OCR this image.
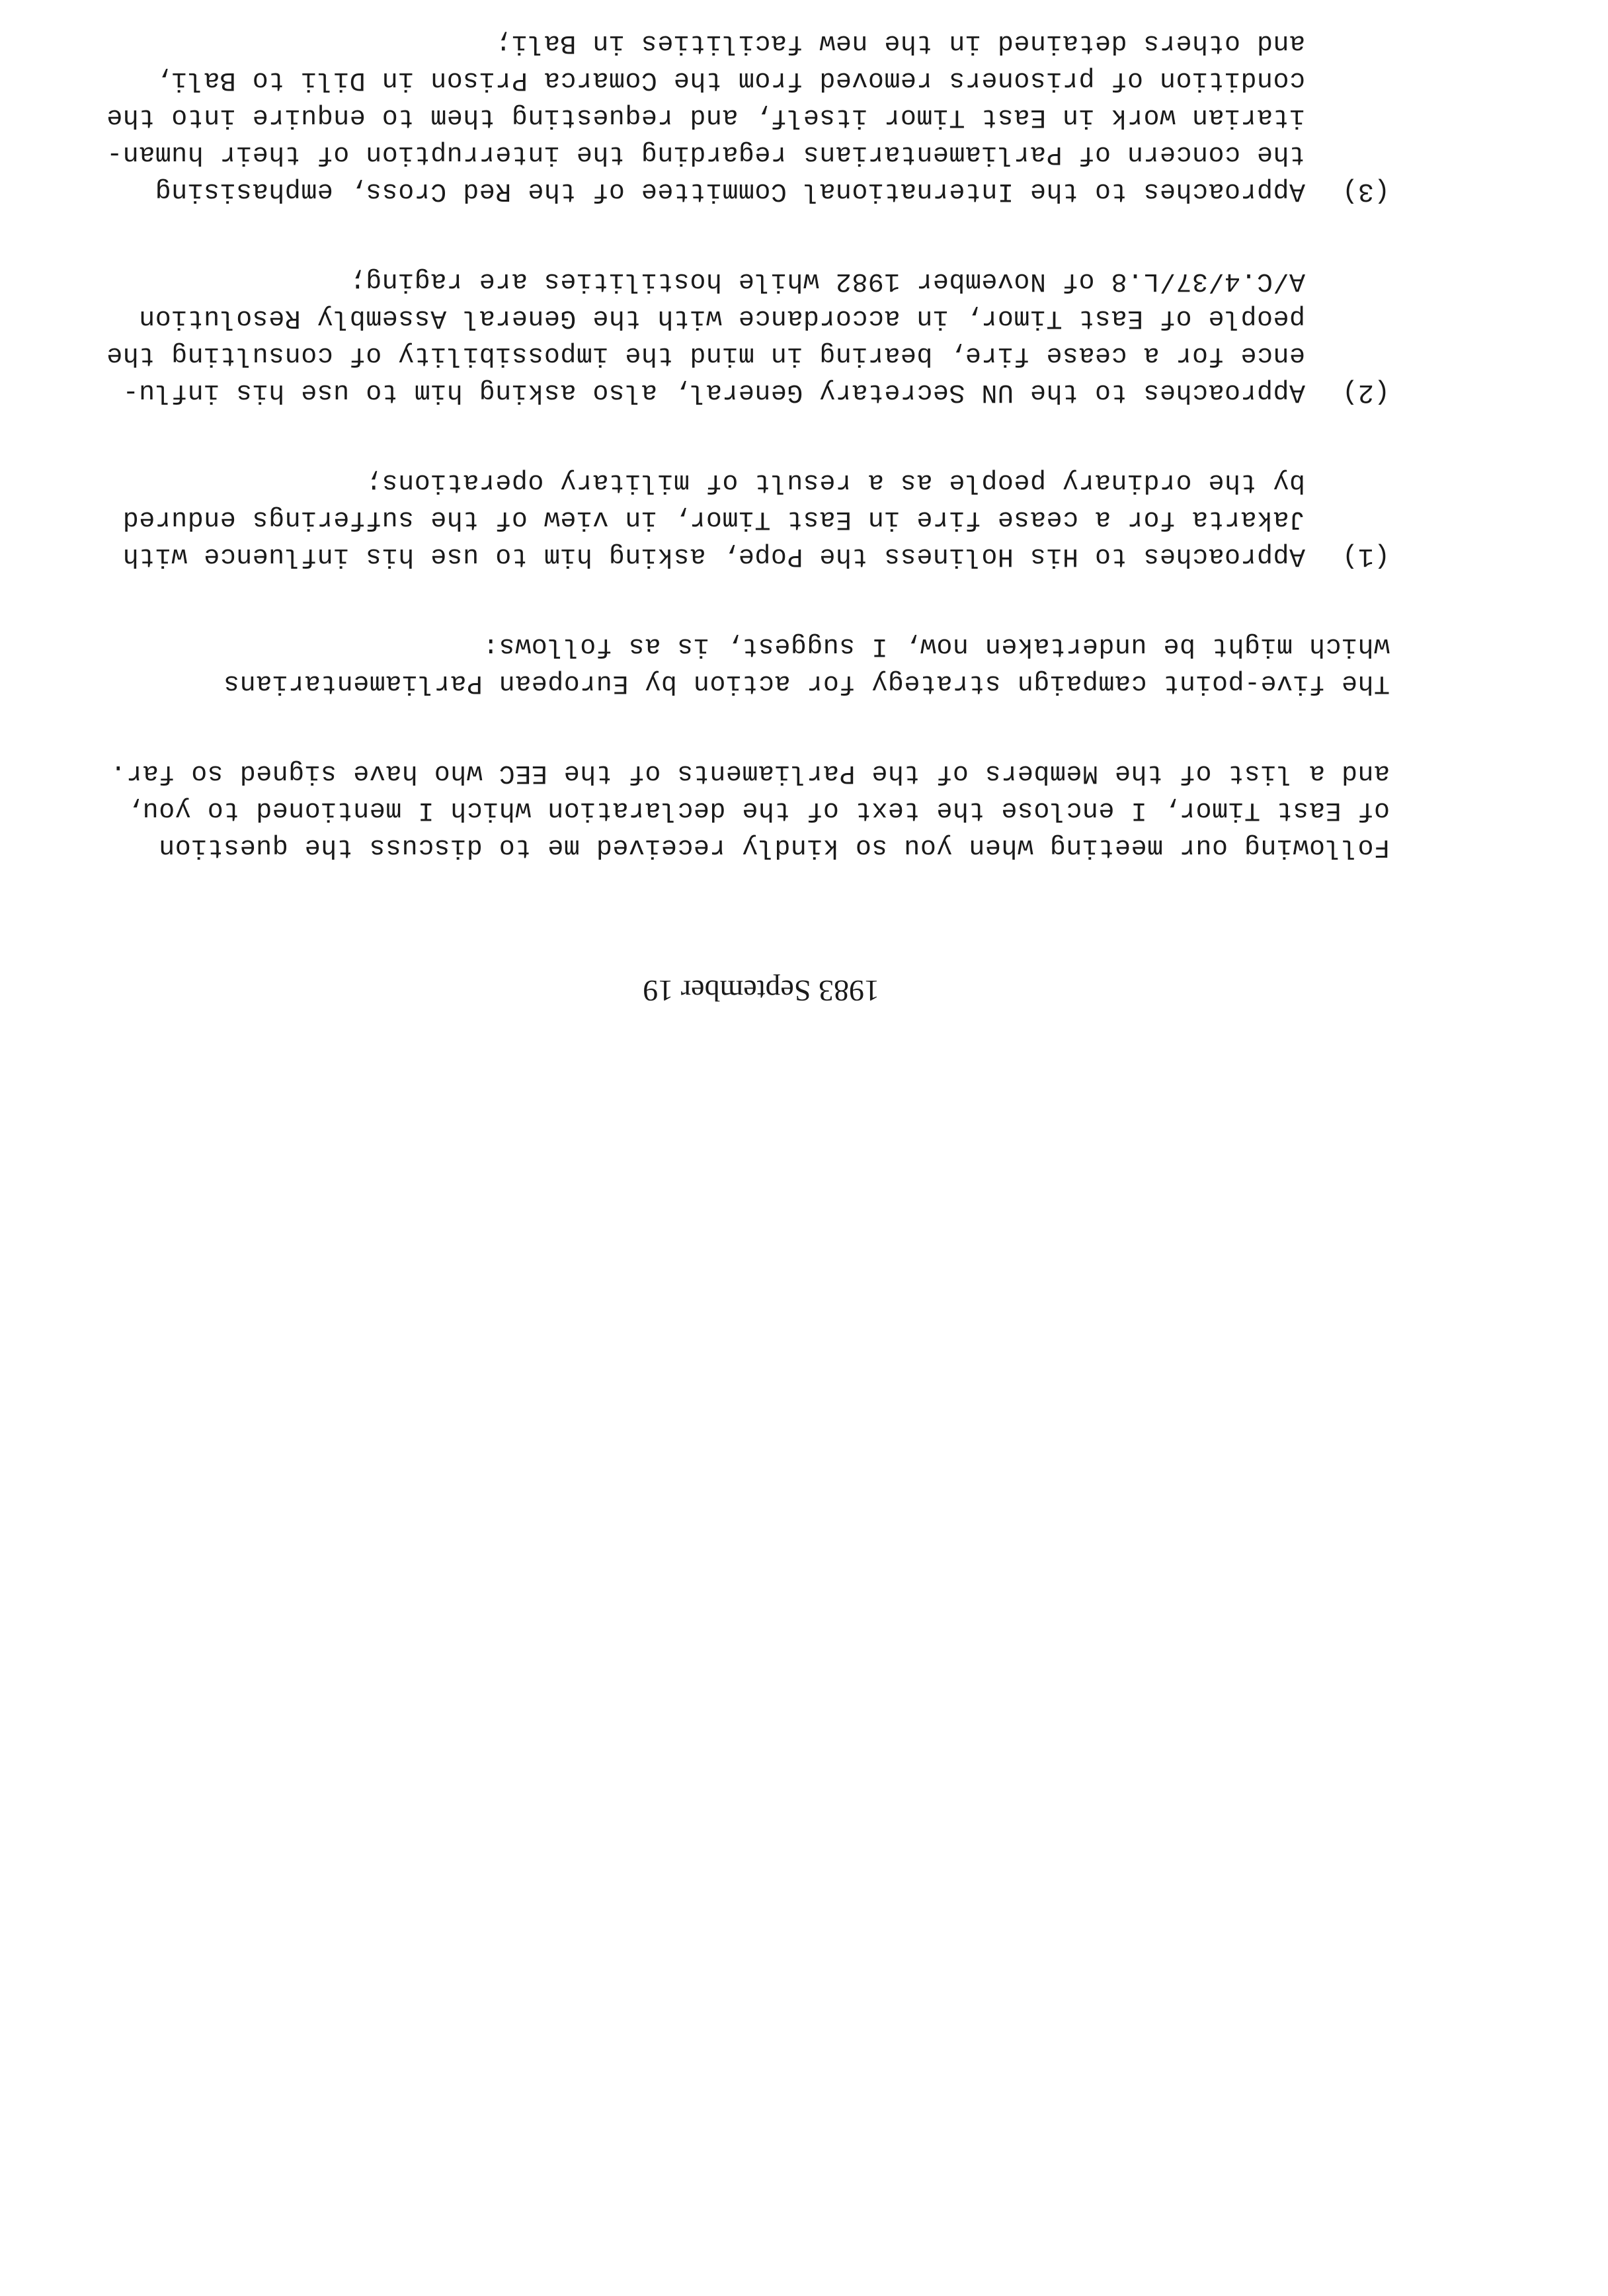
1983 September 19
Following our meeting when you so kindly received me to discuss the question
of East Timor, I enclose the text of the declaration which I mentioned to you,
and a list of the Members of the Parliaments of the EEC who have signed so far.
The five-point campaign strategy for action by European Parliamentarians
which might be undertaken now, I suggest, is as follows:
(1)
Approaches to His Holiness the Pope, asking him to use his influence with
Jakarta for a cease fire in East Timor, in view of the sufferings endured
by the ordinary people as a result of military operations;
(2)
Approaches to the UN Secretary General, also asking him to use his influ-
ence for a cease fire, bearing in mind the impossibility of consulting the
people of East Timor, in accordance with the General Assembly Resolution
A/C.4/37/L.8 of November 1982 while hostilities are raging;
(3)
Approaches to the International Committee of the Red Cross, emphasising
the concern of Parliamentarians regarding the interruption of their human-
itarian work in East Timor itself, and requesting them to enquire into the
condition of prisoners removed from the Comarca Prison in Dili to Bali,
and others detained in the new facilities in Bali;
